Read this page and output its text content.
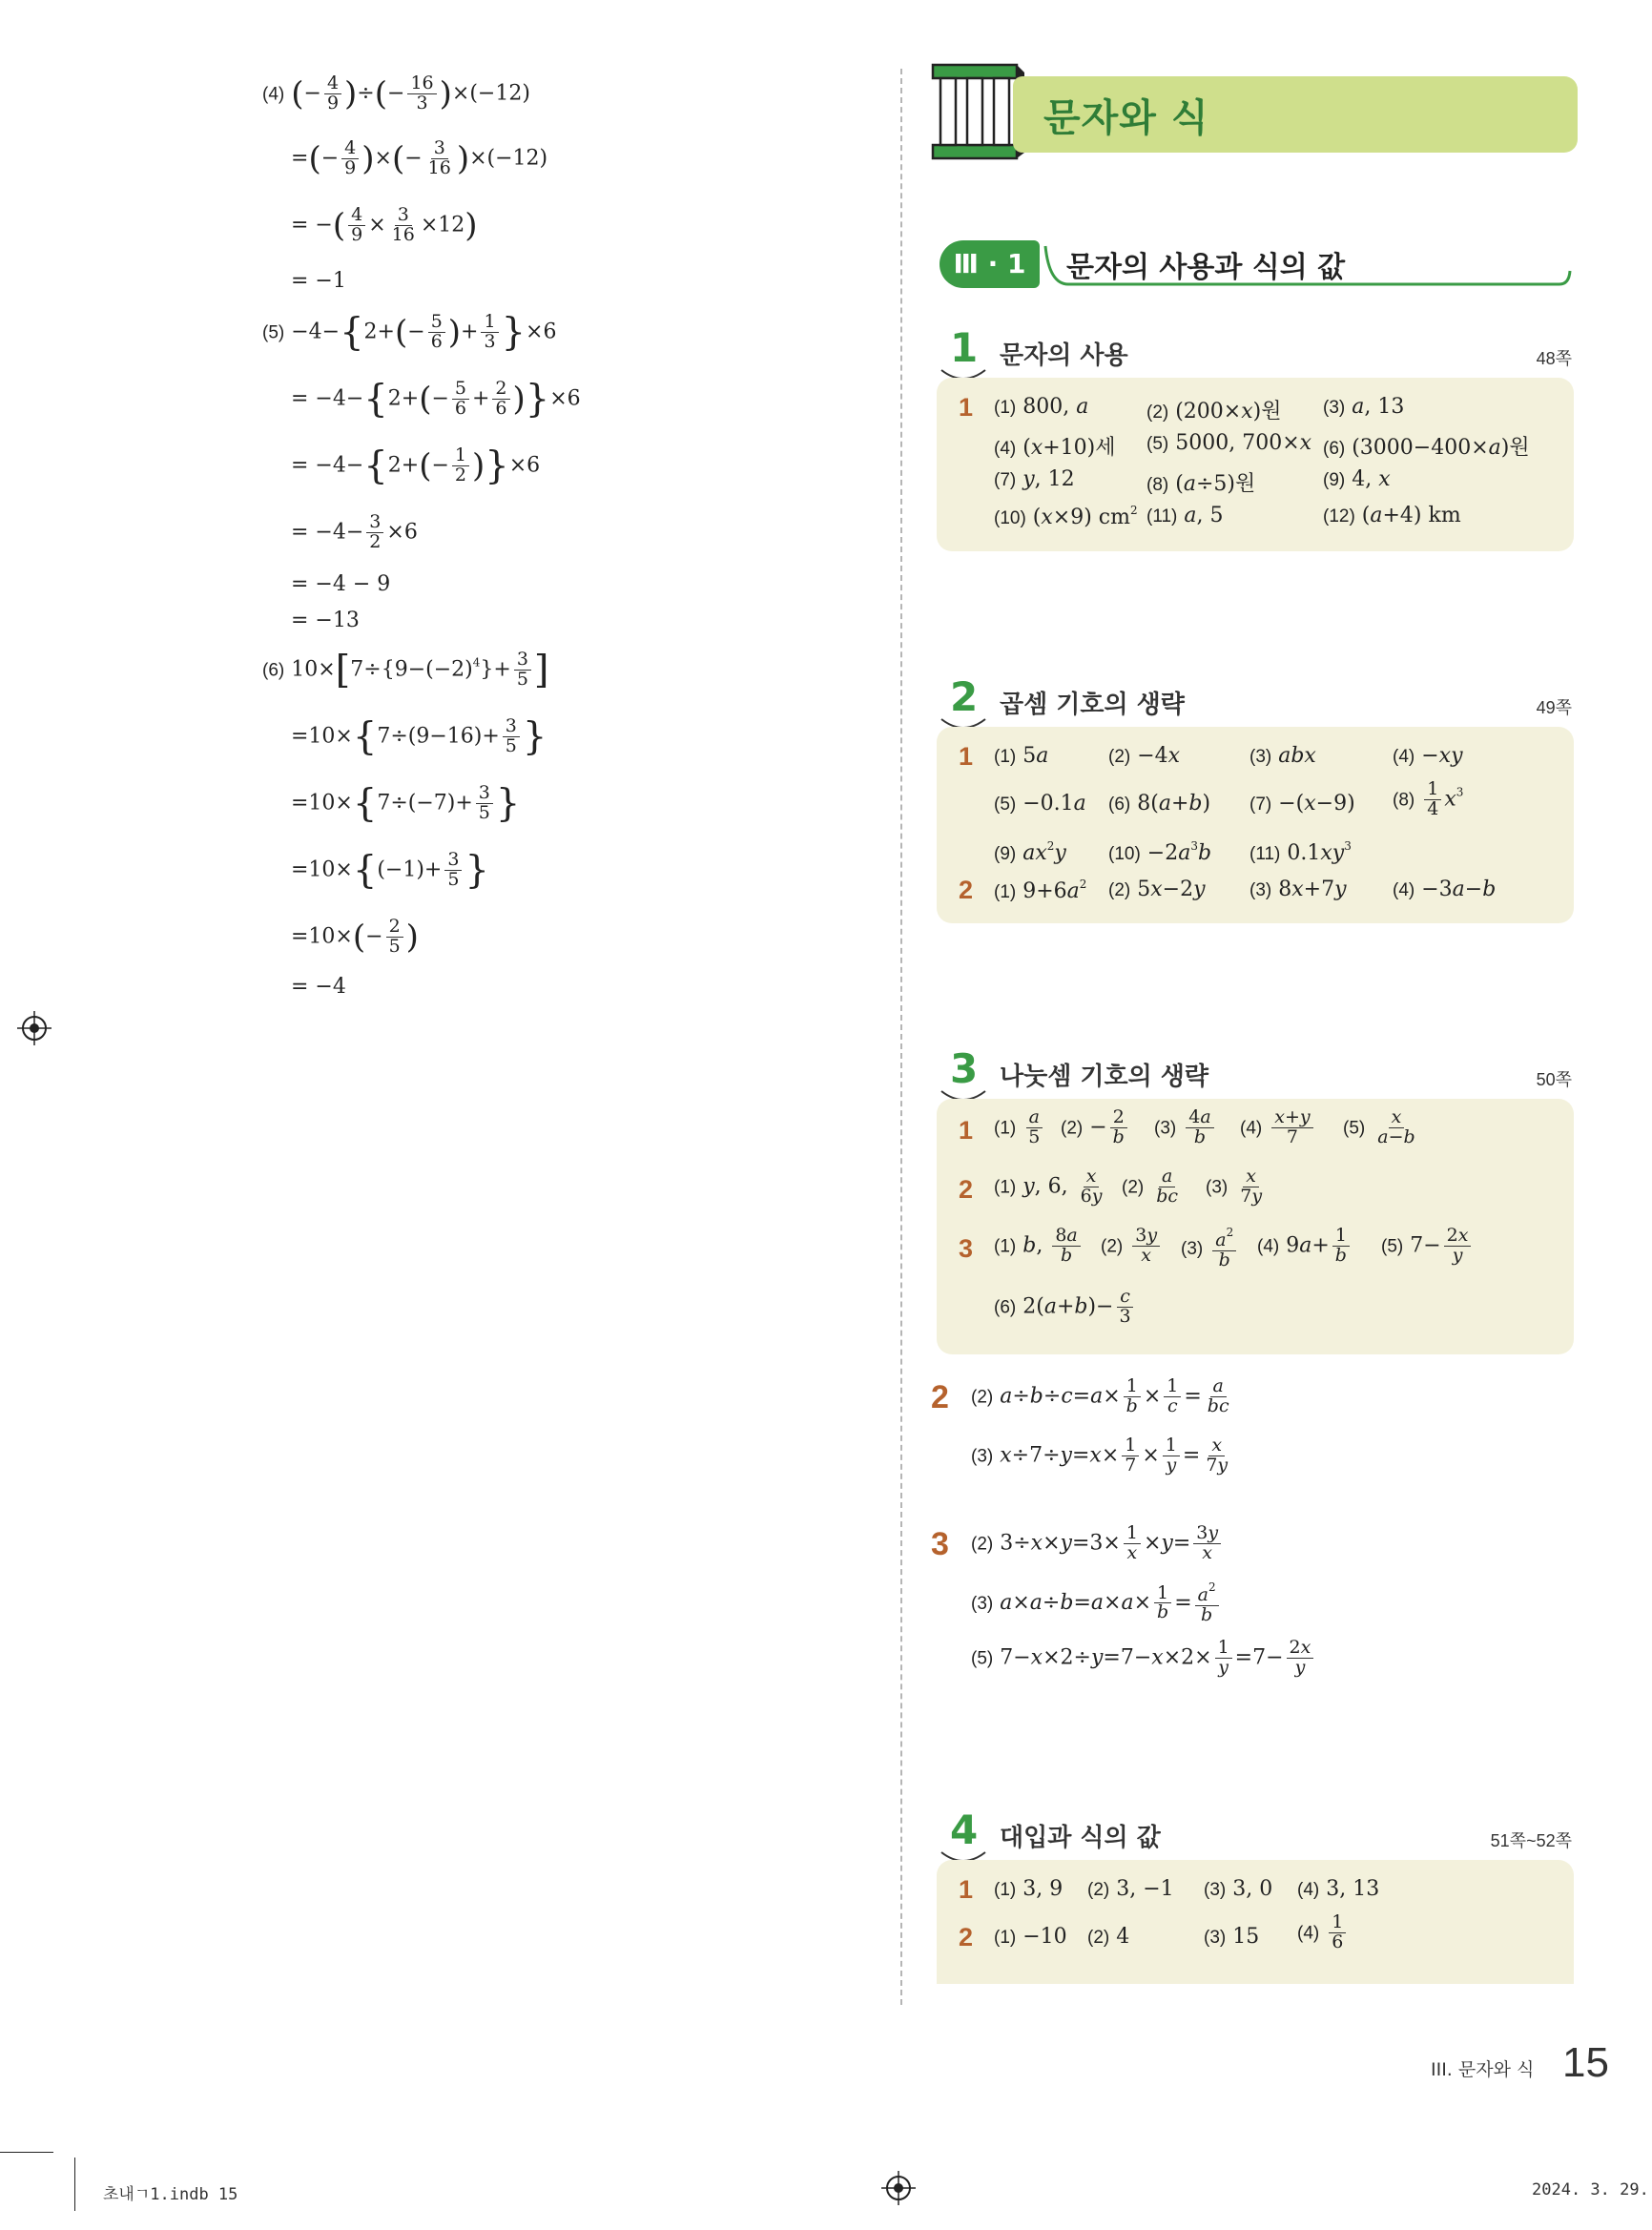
(4) (− $\frac{4}{9}$ )÷(− $\frac{16}{3} )\times(-12)$
=(− $\frac{4}{9}$ )×(− $\frac{3}{16} )\times(-12)$
= −( $\frac{4}{9} \times \frac{3}{16} \times 12$)
= −1
$(5) -4-\{2+(- \frac{5}{6}$ )+ $\frac{1}{3} \}\times 6$
= $-4-\{2+(- \frac{5}{6} + \frac{2}{6} )\}\times 6$
= $-4-\{2+(- \frac{1}{2} )\}\times 6$
= $-4- \frac{3}{2} \times 6$
= −4 − 9
= −13
(6) $10\times[7\div\{9-(-2)^4\}+ \frac{3}{5}$ ]
$=10\times\{7\div(9-16)+ \frac{3}{5}$ }
$=10\times\{7\div(-7)+ \frac{3}{5}$ }
$=10\times\{(-1)+ \frac{3}{5}$ }
$=10\times(- \frac{2}{5}$ )
= −4
문자와 식
Ⅲ · 1	문자의 사용과 식의 값
1 문자의 사용	48쪽
1 (1) 800, a	(2) (200×x)원 (3) a, 13
(4) (x+10)세 (5) 5000, 700×x (6) (3000−400×a)원
(7) y, 12	(8) (a÷5)원	(9) 4, x
(10) (x×9) $cm^2$ (11) a, 5	(12) (a+4) km
2 곱셈 기호의 생략	49쪽
1
2
(1) 5a	(2) −4x	(3) abx	(4) −xy
(5) −0.1a (6) 8(a+b) (7) −(x−9) $(8) \frac{1}{4} x^3$
(9) $ax^2y$ $(10) -2a^3b$ (11) $0.1xy^3$
(1) $9+6a^2$ (2) 5x−2y (3) 8x+7y	(4) −3a−b
3 나눗셈 기호의 생략	50쪽
1
2
3
$(1) \frac{a}{5} (2) - \frac{2}{b} (3) \frac{4a}{b} (4) \frac{x+y}{7} (5) \frac{x}{a-b}$
(1) y, 6, $\frac{x}{6y} (2) \frac{a}{bc} (3) \frac{x}{7y}$
(1) b, $\frac{8a}{b} (2) \frac{3y}{x} (3) \frac{a^2}{b} (4)$ $9a+ \frac{1}{b} (5)$ $7- \frac{2x}{y}$
(6) $2(a+b)- \frac{c}{3}$
2 (2) $a\div b\div c=a\times \frac{1}{b} \times \frac{1}{c} = \frac{a}{bc}$
(3) $x\div 7\div y=x\times \frac{1}{7} \times \frac{1}{y} = \frac{x}{7y}$
3 (2) $3\div x\times y=3\times \frac{1}{x} \times y= \frac{3y}{x}$
(3) $a\times a\div b=a\times a\times \frac{1}{b} = \frac{a^2}{b}$
(5) $7-x\times 2\div y=7-x\times 2\times \frac{1}{y} =7- \frac{2x}{y}$
4 대입과 식의 값	51쪽~52쪽
1
2
(1) 3, 9 (2) 3, −1 (3) 3, 0 (4) 3, 13
(1) −10 (2) 4	(3) 15 $(4) \frac{1}{6}$
III. 문자와 식 15
초내ㄱ1.indb 15	2024. 3. 29.
